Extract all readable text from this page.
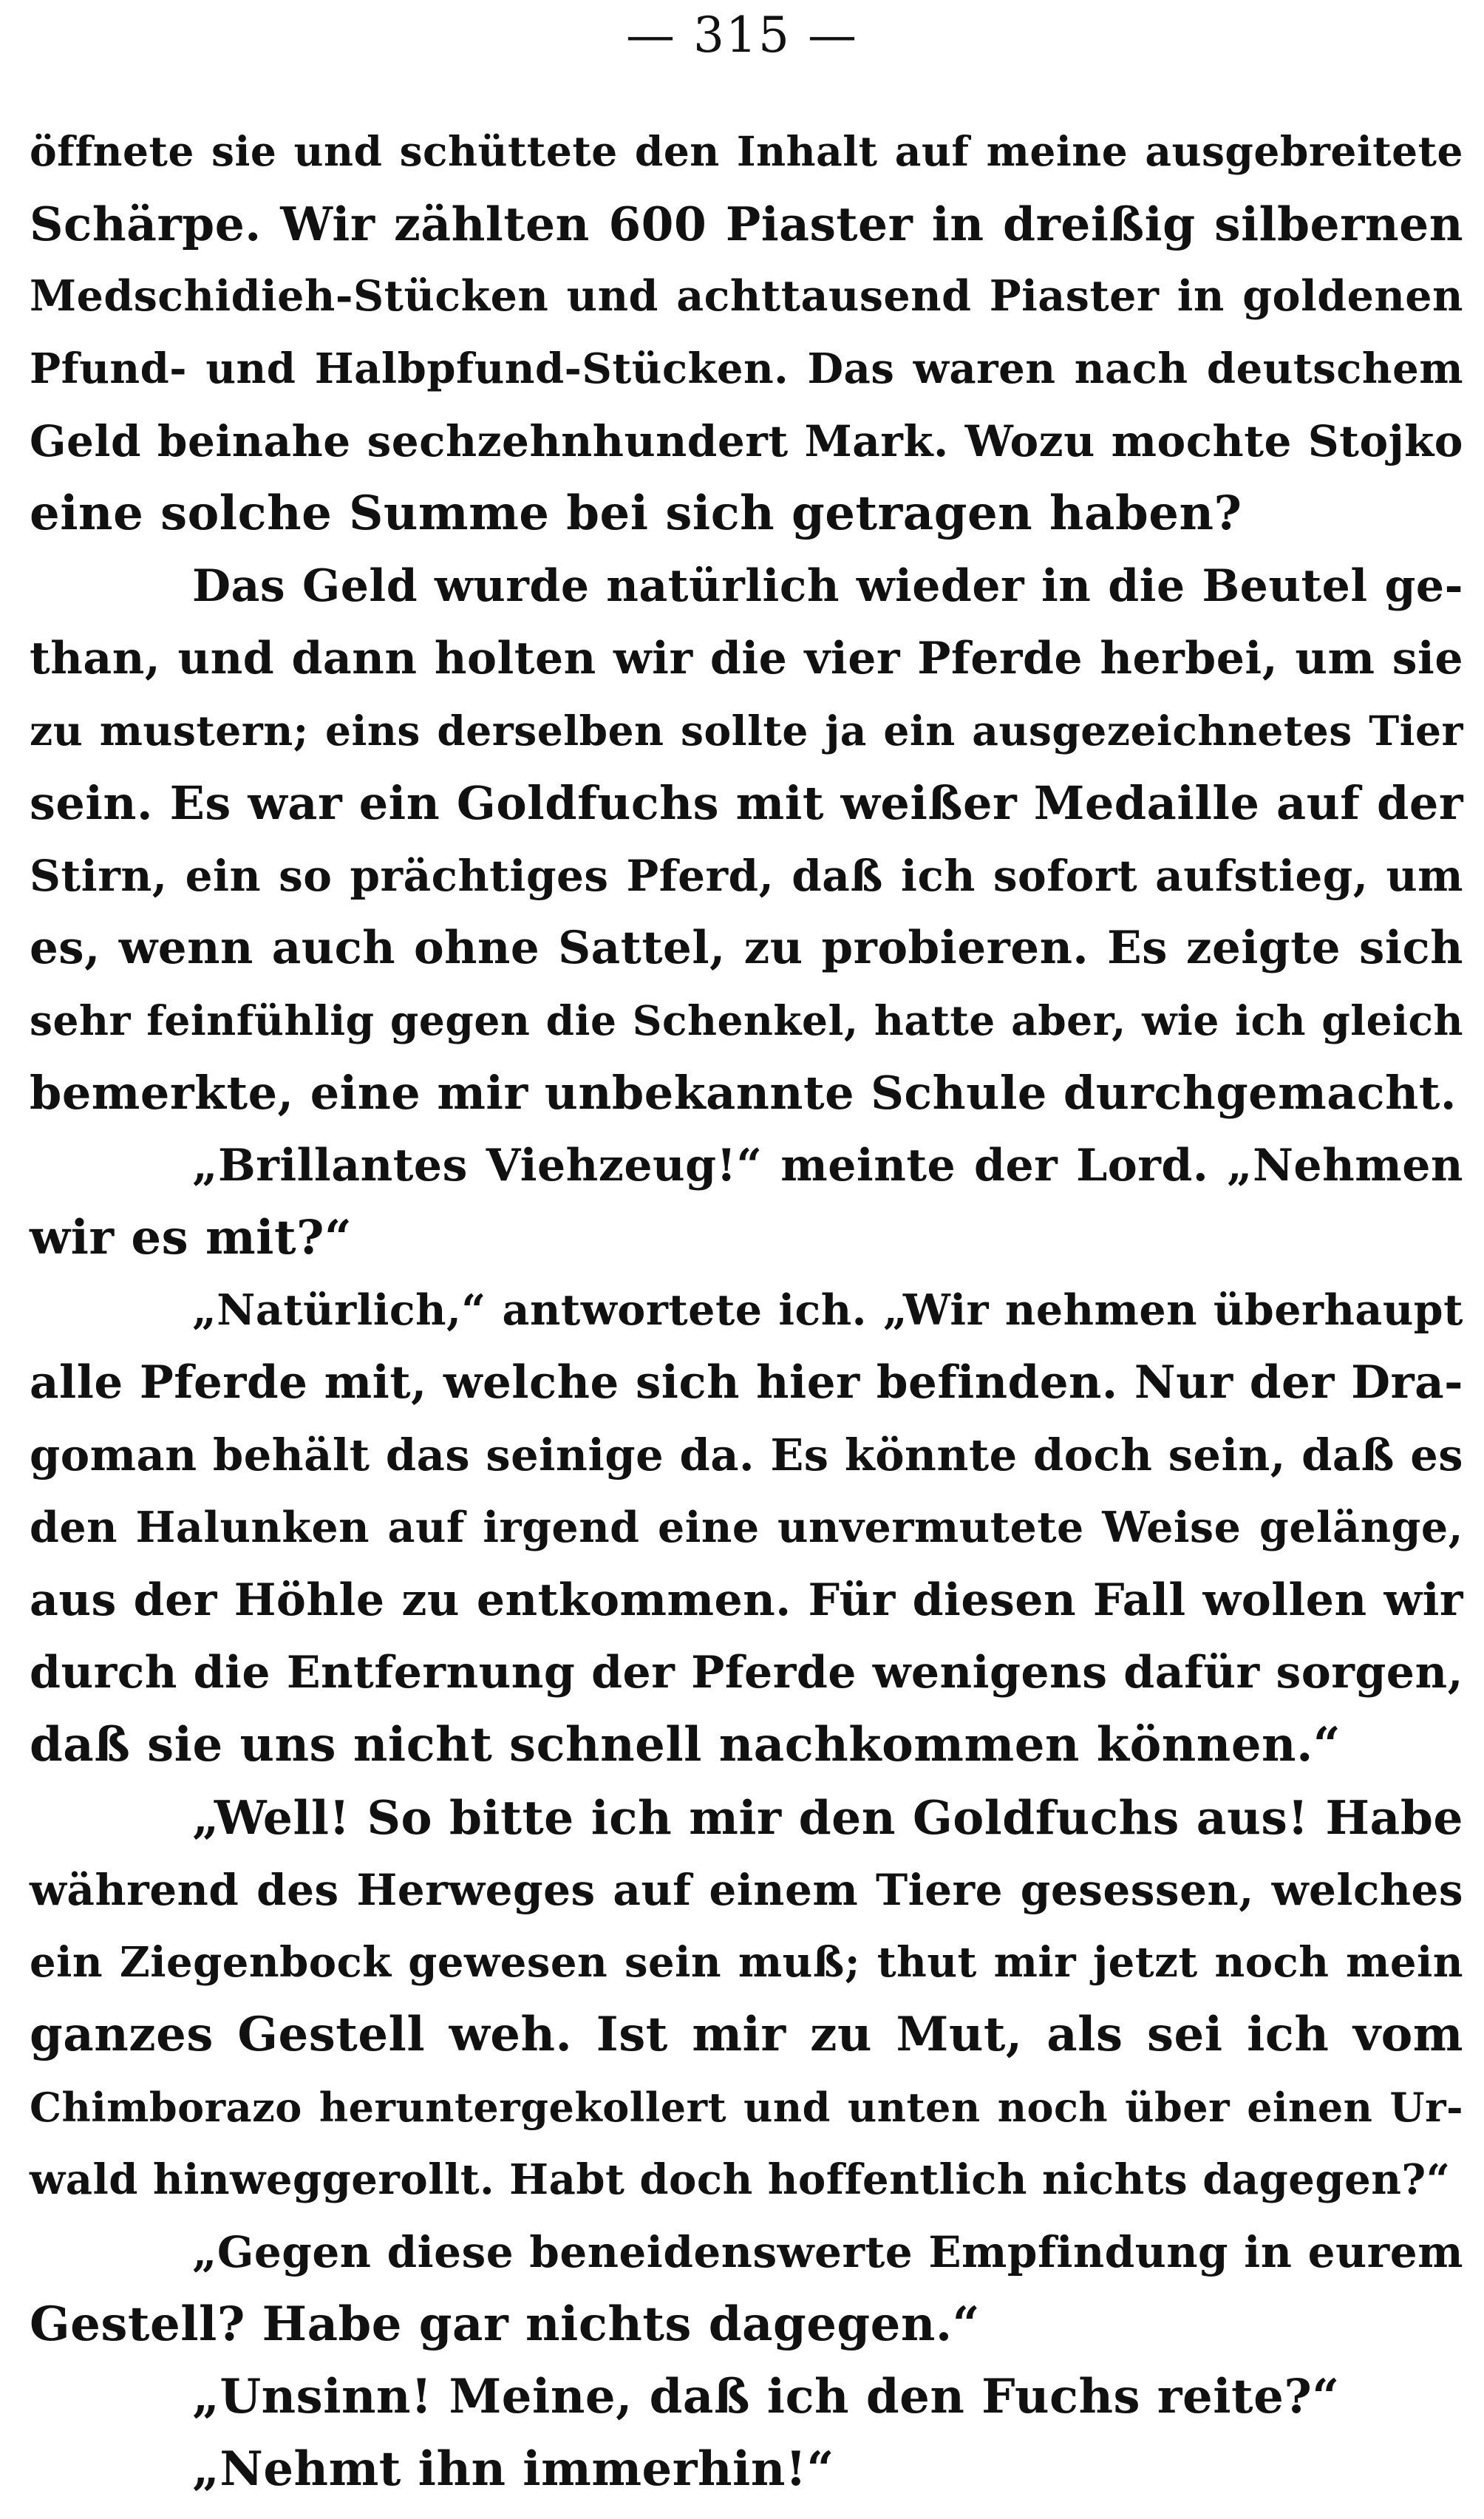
— 315 —
öffnete sie und schüttete den Inhalt auf meine ausgebreitete
Schärpe. Wir zählten 600 Piaster in dreißig silbernen
Medschidieh-Stücken und achttausend Piaster in goldenen
Pfund- und Halbpfund-Stücken. Das waren nach deutschem
Geld beinahe sechzehnhundert Mark. Wozu mochte Stojko
eine solche Summe bei sich getragen haben?
Das Geld wurde natürlich wieder in die Beutel ge-
than, und dann holten wir die vier Pferde herbei, um sie
zu mustern; eins derselben sollte ja ein ausgezeichnetes Tier
sein. Es war ein Goldfuchs mit weißer Medaille auf der
Stirn, ein so prächtiges Pferd, daß ich sofort aufstieg, um
es, wenn auch ohne Sattel, zu probieren. Es zeigte sich
sehr feinfühlig gegen die Schenkel, hatte aber, wie ich gleich
bemerkte, eine mir unbekannte Schule durchgemacht.
„Brillantes Viehzeug!“ meinte der Lord. „Nehmen
wir es mit?“
„Natürlich,“ antwortete ich. „Wir nehmen überhaupt
alle Pferde mit, welche sich hier befinden. Nur der Dra-
goman behält das seinige da. Es könnte doch sein, daß es
den Halunken auf irgend eine unvermutete Weise gelänge,
aus der Höhle zu entkommen. Für diesen Fall wollen wir
durch die Entfernung der Pferde wenigens dafür sorgen,
daß sie uns nicht schnell nachkommen können.“
„Well! So bitte ich mir den Goldfuchs aus! Habe
während des Herweges auf einem Tiere gesessen, welches
ein Ziegenbock gewesen sein muß; thut mir jetzt noch mein
ganzes Gestell weh. Ist mir zu Mut, als sei ich vom
Chimborazo heruntergekollert und unten noch über einen Ur-
wald hinweggerollt. Habt doch hoffentlich nichts dagegen?“
„Gegen diese beneidenswerte Empfindung in eurem
Gestell? Habe gar nichts dagegen.“
„Unsinn! Meine, daß ich den Fuchs reite?“
„Nehmt ihn immerhin!“
